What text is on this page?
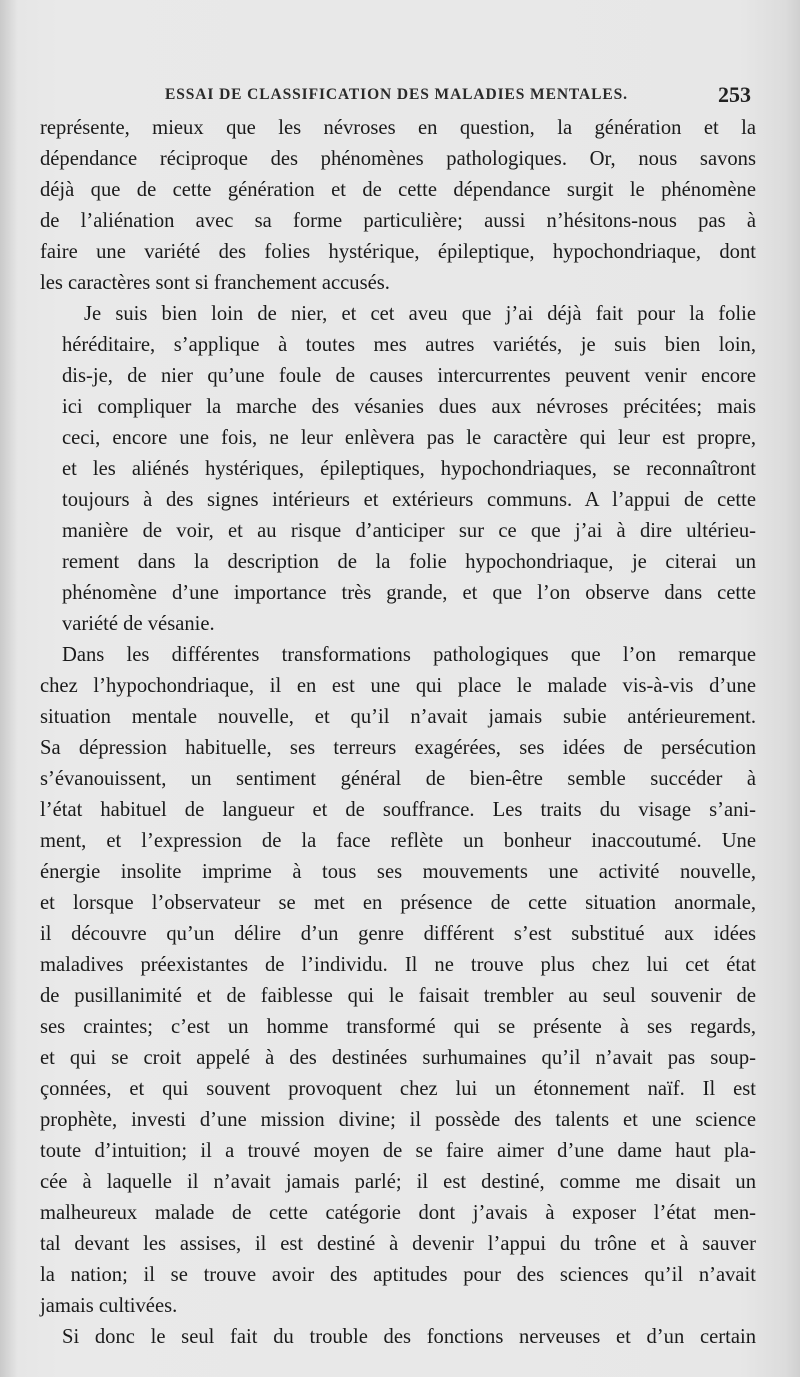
ESSAI DE CLASSIFICATION DES MALADIES MENTALES.	253

représente, mieux que les névroses en question, la génération et la
dépendance réciproque des phénomènes pathologiques. Or, nous savons
déjà que de cette génération et de cette dépendance surgit le phénomène
de l’aliénation avec sa forme particulière; aussi n’hésitons-nous pas à
faire une variété des folies hystérique, épileptique, hypochondriaque, dont
les caractères sont si franchement accusés.

Je suis bien loin de nier, et cet aveu que j’ai déjà fait pour la folie
héréditaire, s’applique à toutes mes autres variétés, je suis bien loin,
dis-je, de nier qu’une foule de causes intercurrentes peuvent venir encore
ici compliquer la marche des vésanies dues aux névroses précitées; mais
ceci, encore une fois, ne leur enlèvera pas le caractère qui leur est propre,
et les aliénés hystériques, épileptiques, hypochondriaques, se reconnaîtront
toujours à des signes intérieurs et extérieurs communs. A l’appui de cette
manière de voir, et au risque d’anticiper sur ce que j’ai à dire ultérieu-
rement dans la description de la folie hypochondriaque, je citerai un
phénomène d’une importance très grande, et que l’on observe dans cette
variété de vésanie.

Dans les différentes transformations pathologiques que l’on remarque
chez l’hypochondriaque, il en est une qui place le malade vis-à-vis d’une
situation mentale nouvelle, et qu’il n’avait jamais subie antérieurement.
Sa dépression habituelle, ses terreurs exagérées, ses idées de persécution
s’évanouissent, un sentiment général de bien-être semble succéder à
l’état habituel de langueur et de souffrance. Les traits du visage s’ani-
ment, et l’expression de la face reflète un bonheur inaccoutumé. Une
énergie insolite imprime à tous ses mouvements une activité nouvelle,
et lorsque l’observateur se met en présence de cette situation anormale,
il découvre qu’un délire d’un genre différent s’est substitué aux idées
maladives préexistantes de l’individu. Il ne trouve plus chez lui cet état
de pusillanimité et de faiblesse qui le faisait trembler au seul souvenir de
ses craintes; c’est un homme transformé qui se présente à ses regards,
et qui se croit appelé à des destinées surhumaines qu’il n’avait pas soup-
çonnées, et qui souvent provoquent chez lui un étonnement naïf. Il est
prophète, investi d’une mission divine; il possède des talents et une science
toute d’intuition; il a trouvé moyen de se faire aimer d’une dame haut pla-
cée à laquelle il n’avait jamais parlé; il est destiné, comme me disait un
malheureux malade de cette catégorie dont j’avais à exposer l’état men-
tal devant les assises, il est destiné à devenir l’appui du trône et à sauver
la nation; il se trouve avoir des aptitudes pour des sciences qu’il n’avait
jamais cultivées.

Si donc le seul fait du trouble des fonctions nerveuses et d’un certain
